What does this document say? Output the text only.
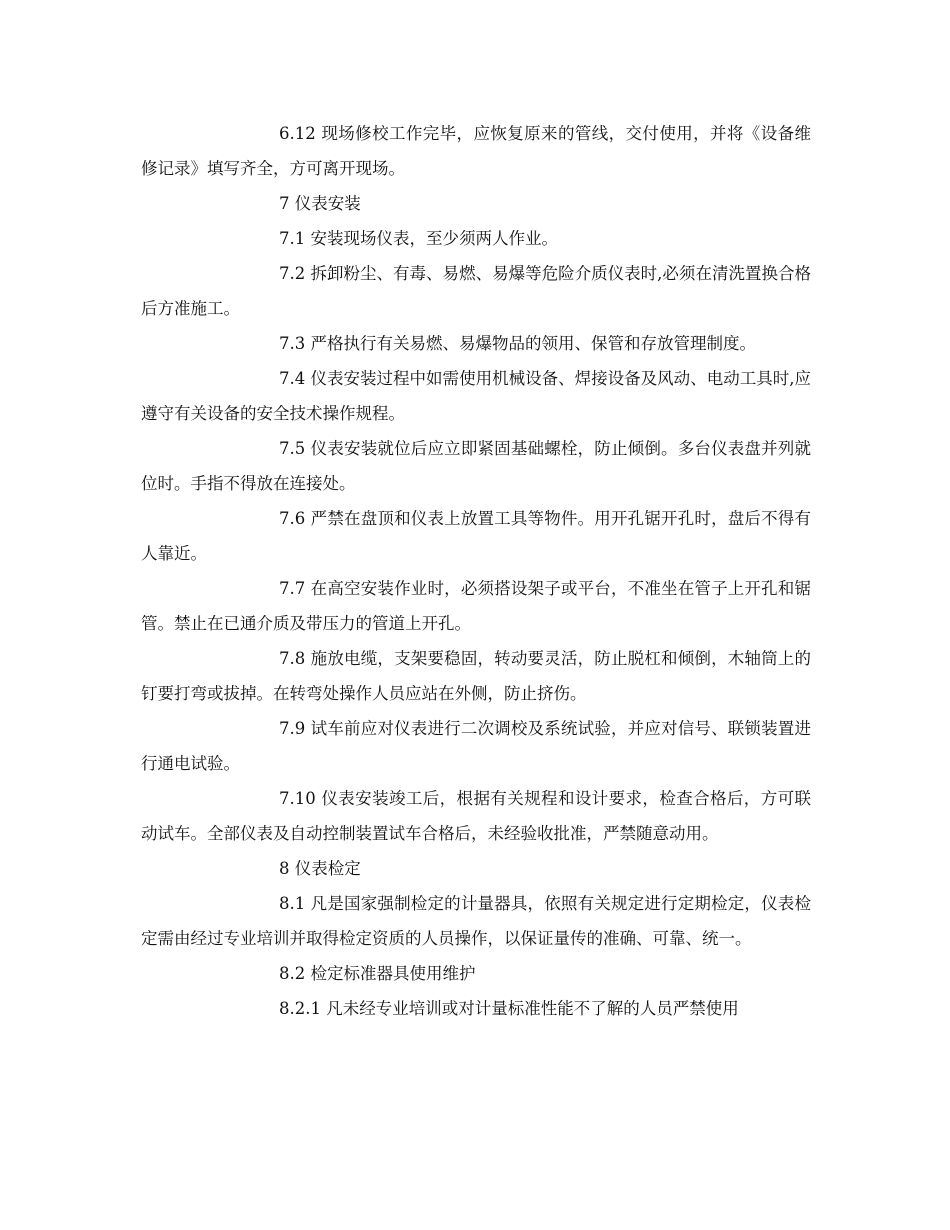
6.12 现场修校工作完毕，应恢复原来的管线，交付使用，并将《设备维修记录》填写齐全，方可离开现场。

7 仪表安装

7.1 安装现场仪表，至少须两人作业。

7.2 拆卸粉尘、有毒、易燃、易爆等危险介质仪表时,必须在清洗置换合格后方准施工。

7.3 严格执行有关易燃、易爆物品的领用、保管和存放管理制度。

7.4 仪表安装过程中如需使用机械设备、焊接设备及风动、电动工具时,应遵守有关设备的安全技术操作规程。

7.5 仪表安装就位后应立即紧固基础螺栓，防止倾倒。多台仪表盘并列就位时。手指不得放在连接处。

7.6 严禁在盘顶和仪表上放置工具等物件。用开孔锯开孔时，盘后不得有人靠近。

7.7 在高空安装作业时，必须搭设架子或平台，不准坐在管子上开孔和锯管。禁止在已通介质及带压力的管道上开孔。

7.8 施放电缆，支架要稳固，转动要灵活，防止脱杠和倾倒，木轴筒上的钉要打弯或拔掉。在转弯处操作人员应站在外侧，防止挤伤。

7.9 试车前应对仪表进行二次调校及系统试验，并应对信号、联锁装置进行通电试验。

7.10 仪表安装竣工后，根据有关规程和设计要求，检查合格后，方可联动试车。全部仪表及自动控制装置试车合格后，未经验收批准，严禁随意动用。

8 仪表检定

8.1 凡是国家强制检定的计量器具，依照有关规定进行定期检定，仪表检定需由经过专业培训并取得检定资质的人员操作，以保证量传的准确、可靠、统一。

8.2 检定标准器具使用维护

8.2.1 凡未经专业培训或对计量标准性能不了解的人员严禁使用
